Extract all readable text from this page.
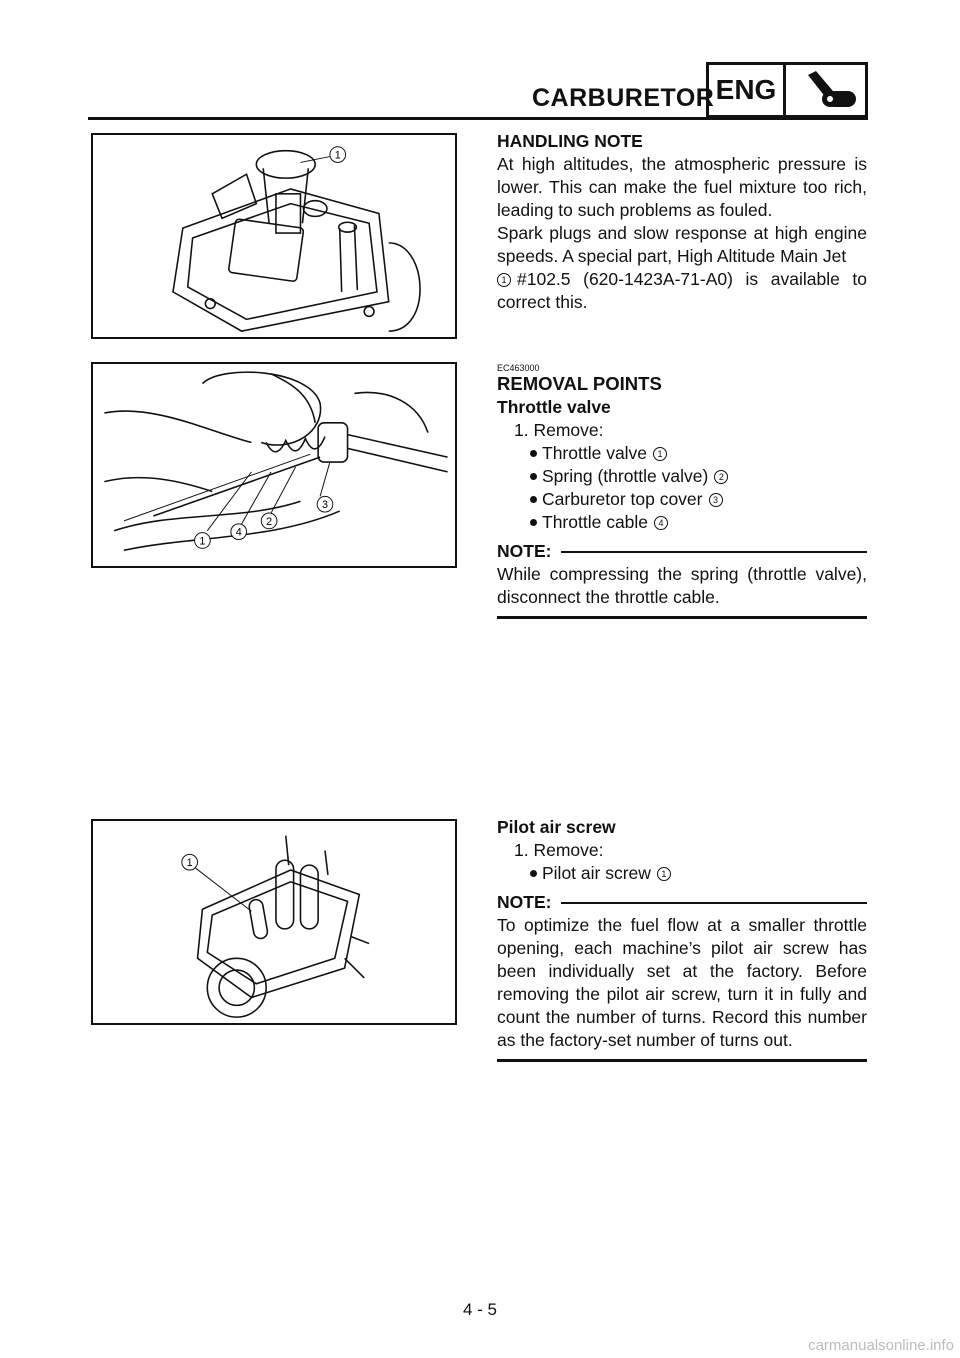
CARBURETOR ENG
1
1
4
2
3
1
HANDLING NOTE

At high altitudes, the atmospheric pressure is lower. This can make the fuel mixture too rich, leading to such problems as fouled.

Spark plugs and slow response at high engine speeds. A special part, High Altitude Main Jet
1 #102.5 (620-1423A-71-A0) is available to correct this.

EC463000
REMOVAL POINTS
Throttle valve
1. Remove:
Throttle valve	1
Spring (throttle valve)	2
Carburetor top cover	3
Throttle cable	4
NOTE:
While compressing the spring (throttle valve), disconnect the throttle cable.
Pilot air screw
1. Remove:
Pilot air screw	1
NOTE:
To optimize the fuel flow at a smaller throttle opening, each machine’s pilot air screw has been individually set at the factory. Before removing the pilot air screw, turn it in fully and count the number of turns. Record this number as the factory-set number of turns out.
4 - 5
carmanualsonline.info
